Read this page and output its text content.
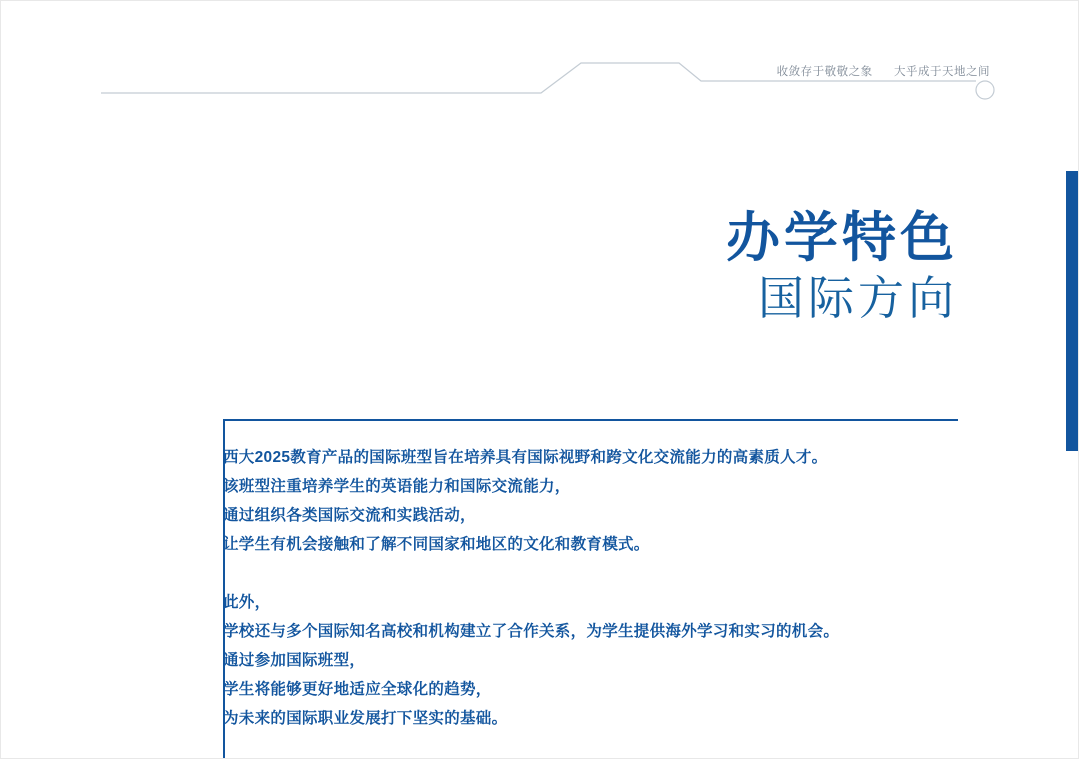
收敛存于敬敬之象 大乎成于天地之间
办学特色
国际方向
西大2025教育产品的国际班型旨在培养具有国际视野和跨文化交流能力的高素质人才。
该班型注重培养学生的英语能力和国际交流能力，
通过组织各类国际交流和实践活动，
让学生有机会接触和了解不同国家和地区的文化和教育模式。
此外，
学校还与多个国际知名高校和机构建立了合作关系，为学生提供海外学习和实习的机会。
通过参加国际班型，
学生将能够更好地适应全球化的趋势，
为未来的国际职业发展打下坚实的基础。
